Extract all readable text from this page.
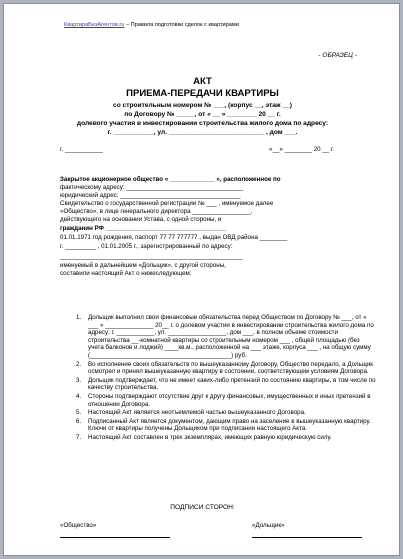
КвартираБезАгентов.ru – Правила подготовки сделок с квартирами
- ОБРАЗЕЦ -
АКТ
ПРИЕМА-ПЕРЕДАЧИ КВАРТИРЫ
со строительным номером № ___, (корпус __, этаж __)
по Договору № _____, от « __ » ________ 20 __ г.
долевого участия в инвестировании строительства жилого дома по адресу:
г. ___________, ул. __________________________ , дом ___.
г. ___________	«__» ________ 20 __ г.
Закрытое акционерное общество « _____________ », расположенное по
фактическому адресу: __________________________________
юридический адрес: ___________________________________
Свидетельство о государственной регистрации № ___ , именуемое далее
«Общество», в лице генерального директора _________________,
действующего на основании Устава, с одной стороны, и
гражданин РФ ___________________________________
01.01.1971 год рождения, паспорт 77 77 777777 , выдан ОВД района ________
г. _________ , 01.01.2005 г., зарегистрированный по адресу:
_____________________________________________________
именуемый в дальнейшем «Дольщик», с другой стороны,
составили настоящий Акт о нижеследующем:
1. Дольщик выполнил свои финансовые обязательства перед Обществом по Договору № ___, от « ___ » ______________ 20__ г. о долевом участии в инвестировании строительства жилого дома по адресу: г. ___________, ул. _________________, дом ___, в полном объеме стоимости строительства __-комнатной квартиры со строительным номером ___ , общей площадью (без учета балконов и лоджий) ____кв.м., расположенной на ___ этаже, корпуса ___ , на общую сумму (_________________________________________) руб.
2. Во исполнение своих обязательств по вышеуказанному Договору, Общество передало, а Дольщик осмотрел и принял вышеуказанную квартиру в состоянии, соответствующем условиям Договора.
3. Дольщик подтверждает, что не имеет каких-либо претензий по состоянию квартиры, в том числе по качеству строительства.
4. Стороны подтверждают отсутствие друг к другу финансовых, имущественных и иных претензий в отношении Договора.
5. Настоящий Акт является неотъемлемой частью вышеуказанного Договора.
6. Подписанный Акт является документом, дающим право на заселение в вышеуказанную квартиру. Ключи от квартиры получены Дольщиком при подписании настоящего Акта.
7. Настоящий Акт составлен в трех экземплярах, имеющих равную юридическую силу.
ПОДПИСИ СТОРОН:
«Общество»	«Дольщик»
